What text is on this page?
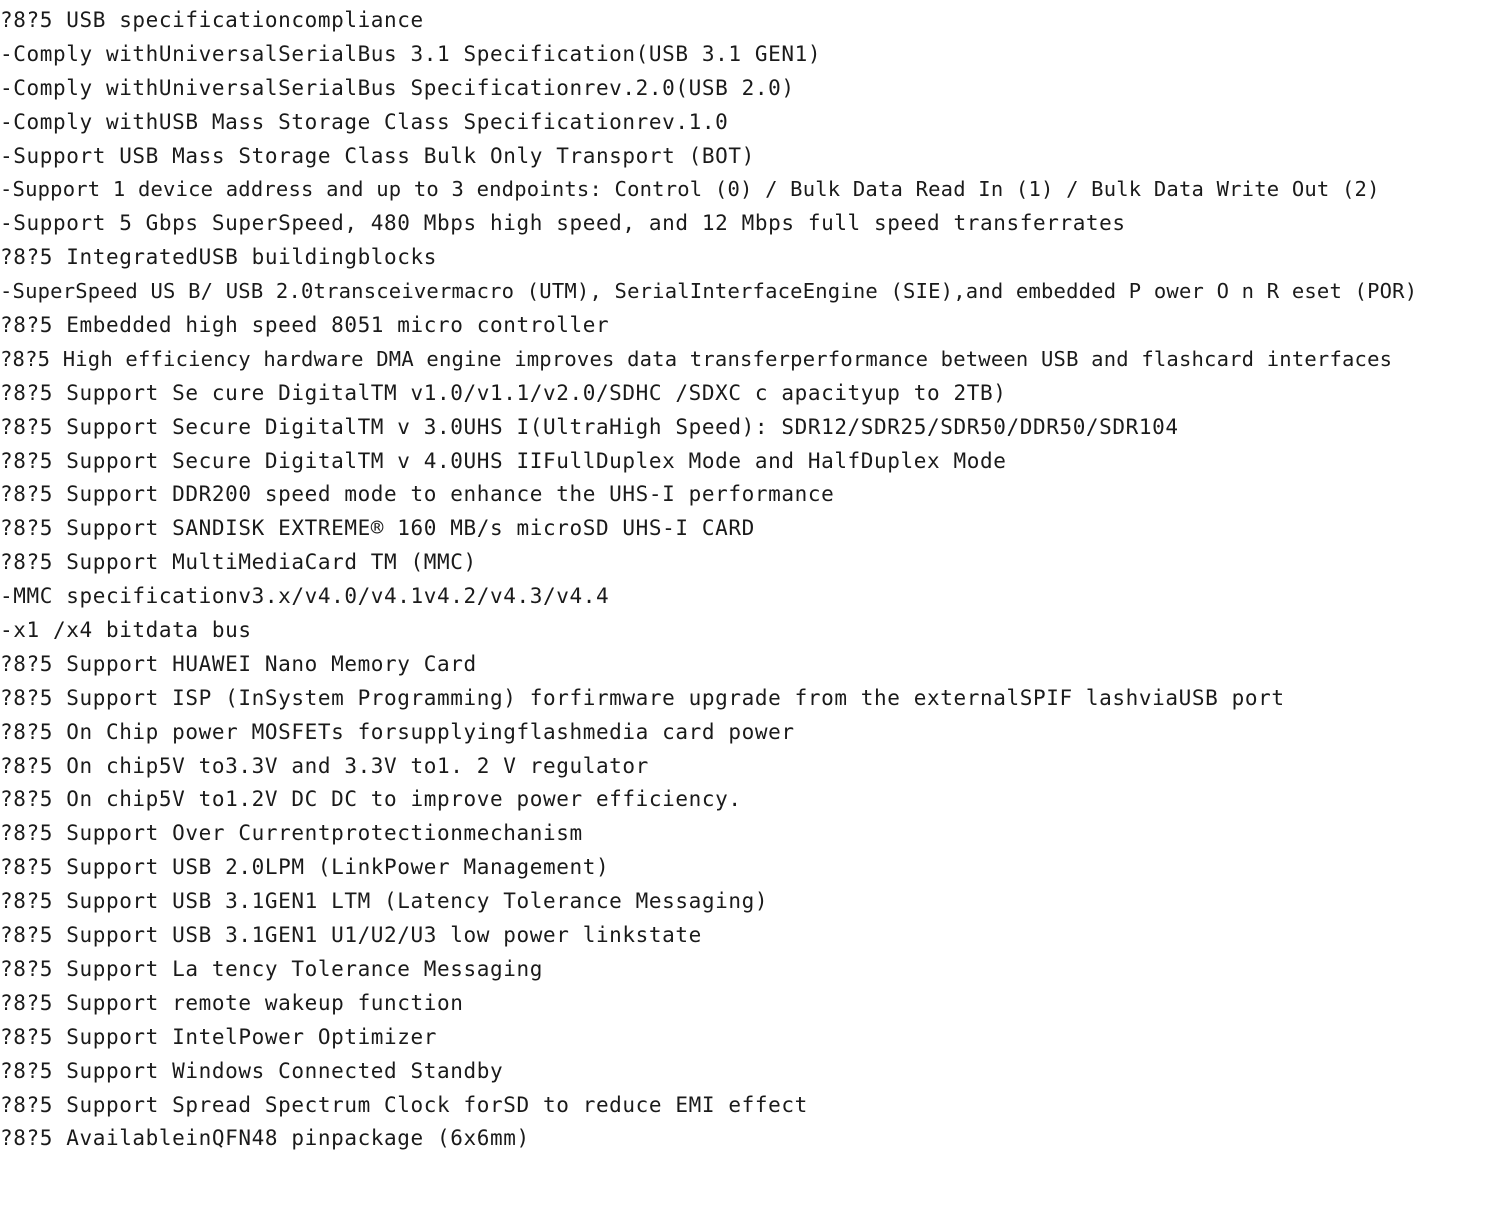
?8?5 USB specificationcompliance
-Comply withUniversalSerialBus 3.1 Specification(USB 3.1 GEN1)
-Comply withUniversalSerialBus Specificationrev.2.0(USB 2.0)
-Comply withUSB Mass Storage Class Specificationrev.1.0
-Support USB Mass Storage Class Bulk Only Transport (BOT)
-Support 1 device address and up to 3 endpoints: Control (0) / Bulk Data Read In (1) / Bulk Data Write Out (2)
-Support 5 Gbps SuperSpeed, 480 Mbps high speed, and 12 Mbps full speed transferrates
?8?5 IntegratedUSB buildingblocks
-SuperSpeed US B/ USB 2.0transceivermacro (UTM), SerialInterfaceEngine (SIE),and embedded P ower O n R eset (POR)
?8?5 Embedded high speed 8051 micro controller
?8?5 High efficiency hardware DMA engine improves data transferperformance between USB and flashcard interfaces
?8?5 Support Se cure DigitalTM v1.0/v1.1/v2.0/SDHC /SDXC c apacityup to 2TB)
?8?5 Support Secure DigitalTM v 3.0UHS I(UltraHigh Speed): SDR12/SDR25/SDR50/DDR50/SDR104
?8?5 Support Secure DigitalTM v 4.0UHS IIFullDuplex Mode and HalfDuplex Mode
?8?5 Support DDR200 speed mode to enhance the UHS-I performance
?8?5 Support SANDISK EXTREME® 160 MB/s microSD UHS-I CARD
?8?5 Support MultiMediaCard TM (MMC)
-MMC specificationv3.x/v4.0/v4.1v4.2/v4.3/v4.4
-x1 /x4 bitdata bus
?8?5 Support HUAWEI Nano Memory Card
?8?5 Support ISP (InSystem Programming) forfirmware upgrade from the externalSPIF lashviaUSB port
?8?5 On Chip power MOSFETs forsupplyingflashmedia card power
?8?5 On chip5V to3.3V and 3.3V to1. 2 V regulator
?8?5 On chip5V to1.2V DC DC to improve power efficiency.
?8?5 Support Over Currentprotectionmechanism
?8?5 Support USB 2.0LPM (LinkPower Management)
?8?5 Support USB 3.1GEN1 LTM (Latency Tolerance Messaging)
?8?5 Support USB 3.1GEN1 U1/U2/U3 low power linkstate
?8?5 Support La tency Tolerance Messaging
?8?5 Support remote wakeup function
?8?5 Support IntelPower Optimizer
?8?5 Support Windows Connected Standby
?8?5 Support Spread Spectrum Clock forSD to reduce EMI effect
?8?5 AvailableinQFN48 pinpackage (6x6mm)
